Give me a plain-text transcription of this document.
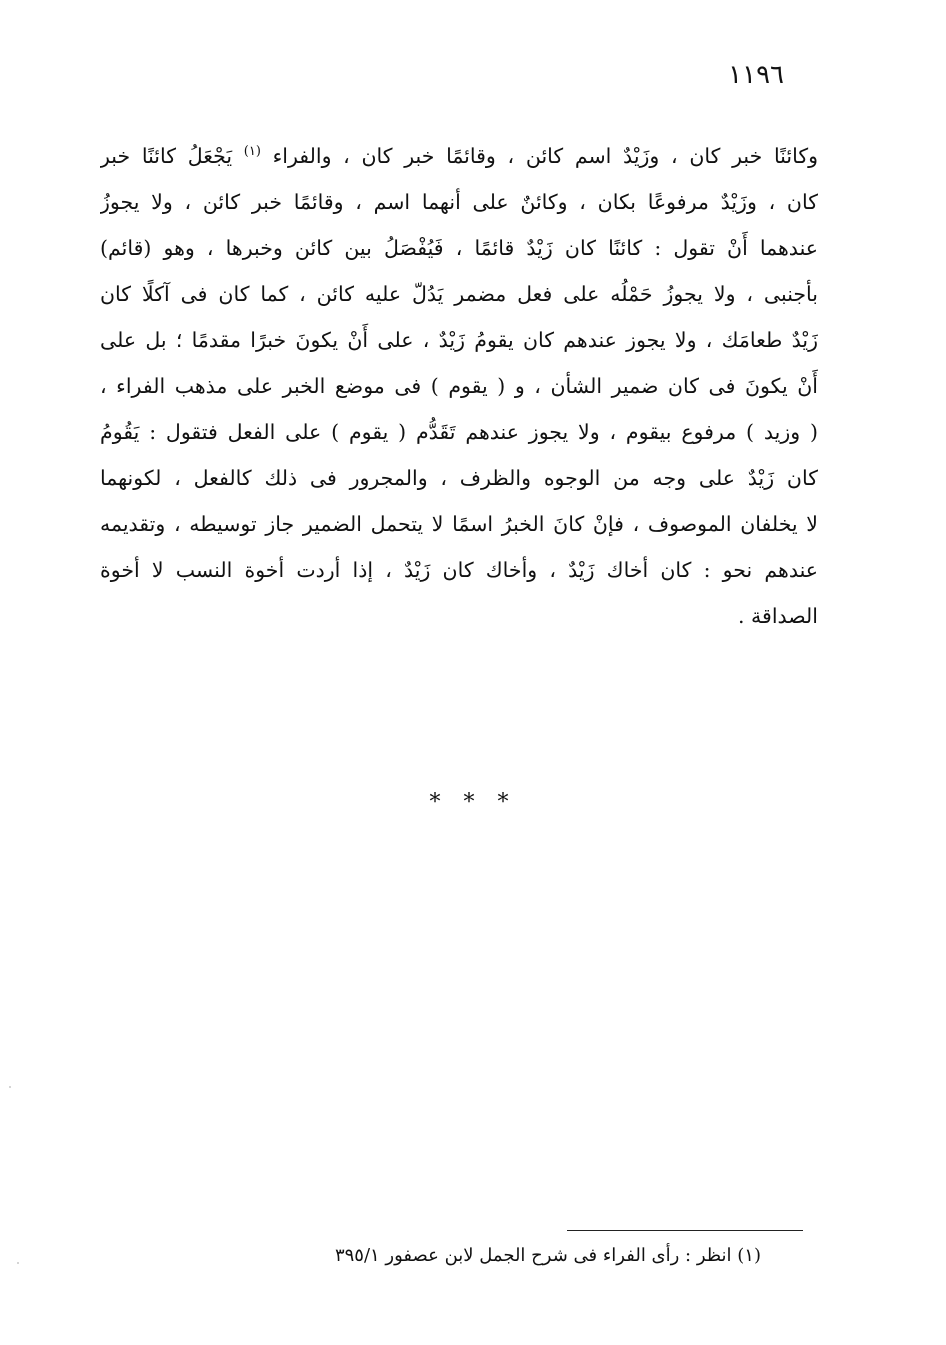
١١٩٦
وكائنًا خبر كان ، وزَيْدٌ اسم كائن ، وقائمًا خبر كان ، والفراء $^{(١)}$ يَجْعَلُ كائنًا خبر
كان ، وزَيْدٌ مرفوعًا بكان ، وكائنٌ على أنهما اسم ، وقائمًا خبر كائن ، ولا يجوزُ
عندهما أَنْ تقول : كائنًا كان زَيْدٌ قائمًا ، فَيُفْصَلُ بين كائن وخبرها ، وهو (قائم)
بأجنبى ، ولا يجوزُ حَمْلُه على فعل مضمر يَدُلّ عليه كائن ، كما كان فى آكلًا كان
زَيْدٌ طعامَك ، ولا يجوز عندهم كان يقومُ زَيْدٌ ، على أَنْ يكونَ خبرًا مقدمًا ؛ بل على
أَنْ يكونَ فى كان ضمير الشأن ، و ( يقوم ) فى موضع الخبر على مذهب الفراء ،
( وزيد ) مرفوع بيقوم ، ولا يجوز عندهم تَقَدُّم ( يقوم ) على الفعل فتقول : يَقُومُ
كان زَيْدٌ على وجه من الوجوه والظرف ، والمجرور فى ذلك كالفعل ، لكونهما
لا يخلفان الموصوف ، فإنْ كانَ الخبرُ اسمًا لا يتحمل الضمير جاز توسيطه ، وتقديمه
عندهم نحو : كان أخاك زَيْدٌ ، وأخاك كان زَيْدٌ ، إذا أردت أخوة النسب لا أخوة
الصداقة .
* * *
(١) انظر : رأى الفراء فى شرح الجمل لابن عصفور ٣٩٥/١
